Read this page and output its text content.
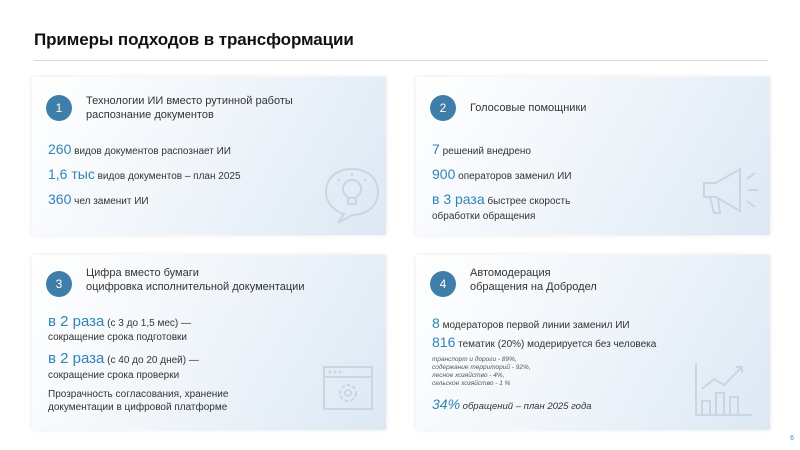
Примеры подходов в трансформации
1	Технологии ИИ вместо рутинной работы
распознание документов
260 видов документов распознает ИИ
1,6 тыс видов документов – план 2025
360 чел заменит ИИ
2	Голосовые помощники
7 решений внедрено
900 операторов заменил ИИ
в 3 раза быстрее скорость
обработки обращения
3
Цифра вместо бумаги
оцифровка исполнительной документации
в 2 раза (с 3 до 1,5 мес) —
сокращение срока подготовки
в 2 раза (с 40 до 20 дней) —
сокращение срока проверки
Прозрачность согласования, хранение
документации в цифровой платформе
4
Автомодерация
обращения на Добродел
8 модераторов первой линии заменил ИИ
816 тематик (20%) модерируется без человека
транспорт и дороги - 89%,
содержание территорий - 92%,
лесное хозяйство - 4%,
сельское хозяйство - 1 %
34% обращений – план 2025 года
6
